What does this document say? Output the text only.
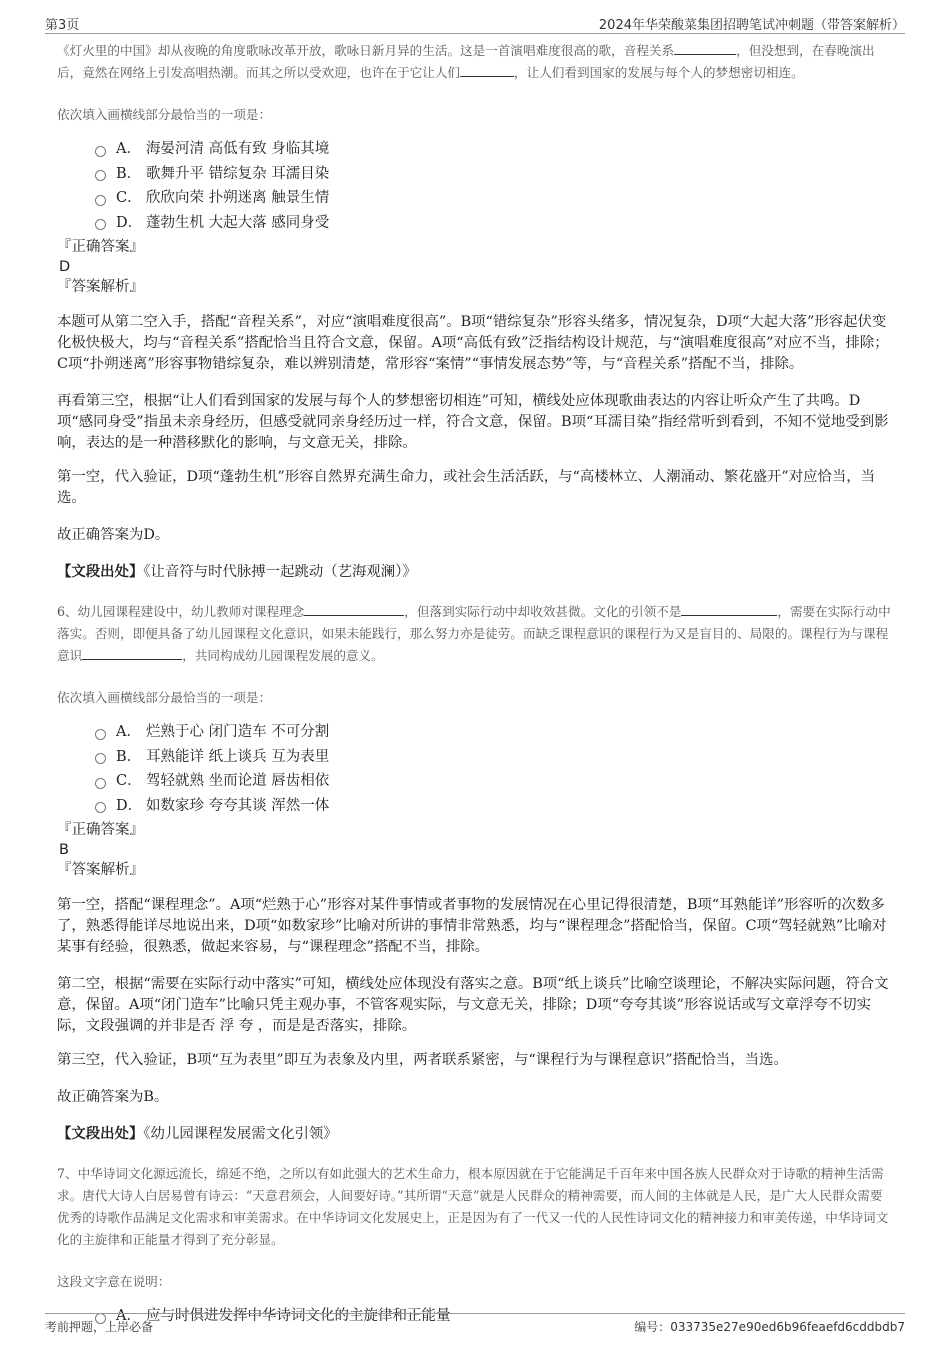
第3页	2024年华荣酸菜集团招聘笔试冲刺题（带答案解析）

《灯火里的中国》却从夜晚的角度歌咏改革开放，歌咏日新月异的生活。这是一首演唱难度很高的歌，音程关系	，但没想到，在春晚演出后，竟然在网络上引发高唱热潮。而其之所以受欢迎，也许在于它让人们	，让人们看到国家的发展与每个人的梦想密切相连。

依次填入画横线部分最恰当的一项是：

A． 海晏河清 高低有致 身临其境
B． 歌舞升平 错综复杂 耳濡目染
C． 欣欣向荣 扑朔迷离 触景生情
D． 蓬勃生机 大起大落 感同身受

『正确答案』

D

『答案解析』

本题可从第二空入手，搭配“音程关系”，对应“演唱难度很高”。B项“错综复杂”形容头绪多，情况复杂，D项“大起大落”形容起伏变化极快极大，均与“音程关系”搭配恰当且符合文意，保留。A项“高低有致”泛指结构设计规范，与“演唱难度很高”对应不当，排除；C项“扑朔迷离”形容事物错综复杂，难以辨别清楚，常形容“案情”“事情发展态势”等，与“音程关系”搭配不当，排除。

再看第三空，根据“让人们看到国家的发展与每个人的梦想密切相连”可知，横线处应体现歌曲表达的内容让听众产生了共鸣。D项“感同身受”指虽未亲身经历，但感受就同亲身经历过一样，符合文意，保留。B项“耳濡目染”指经常听到看到，不知不觉地受到影响，表达的是一种潜移默化的影响，与文意无关，排除。

第一空，代入验证，D项“蓬勃生机”形容自然界充满生命力，或社会生活活跃，与“高楼林立、人潮涌动、繁花盛开”对应恰当，当选。

故正确答案为D。

【文段出处】《让音符与时代脉搏一起跳动（艺海观澜）》

6、幼儿园课程建设中，幼儿教师对课程理念	，但落到实际行动中却收效甚微。文化的引领不是	，需要在实际行动中落实。否则，即便具备了幼儿园课程文化意识，如果未能践行，那么努力亦是徒劳。而缺乏课程意识的课程行为又是盲目的、局限的。课程行为与课程意识	，共同构成幼儿园课程发展的意义。

依次填入画横线部分最恰当的一项是：

A． 烂熟于心 闭门造车 不可分割
B． 耳熟能详 纸上谈兵 互为表里
C． 驾轻就熟 坐而论道 唇齿相依
D． 如数家珍 夸夸其谈 浑然一体

『正确答案』

B

『答案解析』

第一空，搭配“课程理念”。A项“烂熟于心”形容对某件事情或者事物的发展情况在心里记得很清楚，B项“耳熟能详”形容听的次数多了，熟悉得能详尽地说出来，D项“如数家珍”比喻对所讲的事情非常熟悉，均与“课程理念”搭配恰当，保留。C项“驾轻就熟”比喻对某事有经验，很熟悉，做起来容易，与“课程理念”搭配不当，排除。

第二空，根据“需要在实际行动中落实”可知，横线处应体现没有落实之意。B项“纸上谈兵”比喻空谈理论，不解决实际问题，符合文意，保留。A项“闭门造车”比喻只凭主观办事，不管客观实际，与文意无关，排除；D项“夸夸其谈”形容说话或写文章浮夸不切实际，文段强调的并非是否 浮 夸 ，而是是否落实，排除。

第三空，代入验证，B项“互为表里”即互为表象及内里，两者联系紧密，与“课程行为与课程意识”搭配恰当，当选。

故正确答案为B。

【文段出处】《幼儿园课程发展需文化引领》

7、中华诗词文化源远流长，绵延不绝，之所以有如此强大的艺术生命力，根本原因就在于它能满足千百年来中国各族人民群众对于诗歌的精神生活需求。唐代大诗人白居易曾有诗云：“天意君须会，人间要好诗。”其所谓“天意”就是人民群众的精神需要，而人间的主体就是人民，是广大人民群众需要优秀的诗歌作品满足文化需求和审美需求。在中华诗词文化发展史上，正是因为有了一代又一代的人民性诗词文化的精神接力和审美传递，中华诗词文化的主旋律和正能量才得到了充分彰显。

这段文字意在说明：

A． 应与时俱进发挥中华诗词文化的主旋律和正能量
考前押题，上岸必备	编号：033735e27e90ed6b96feaefd6cddbdb7
